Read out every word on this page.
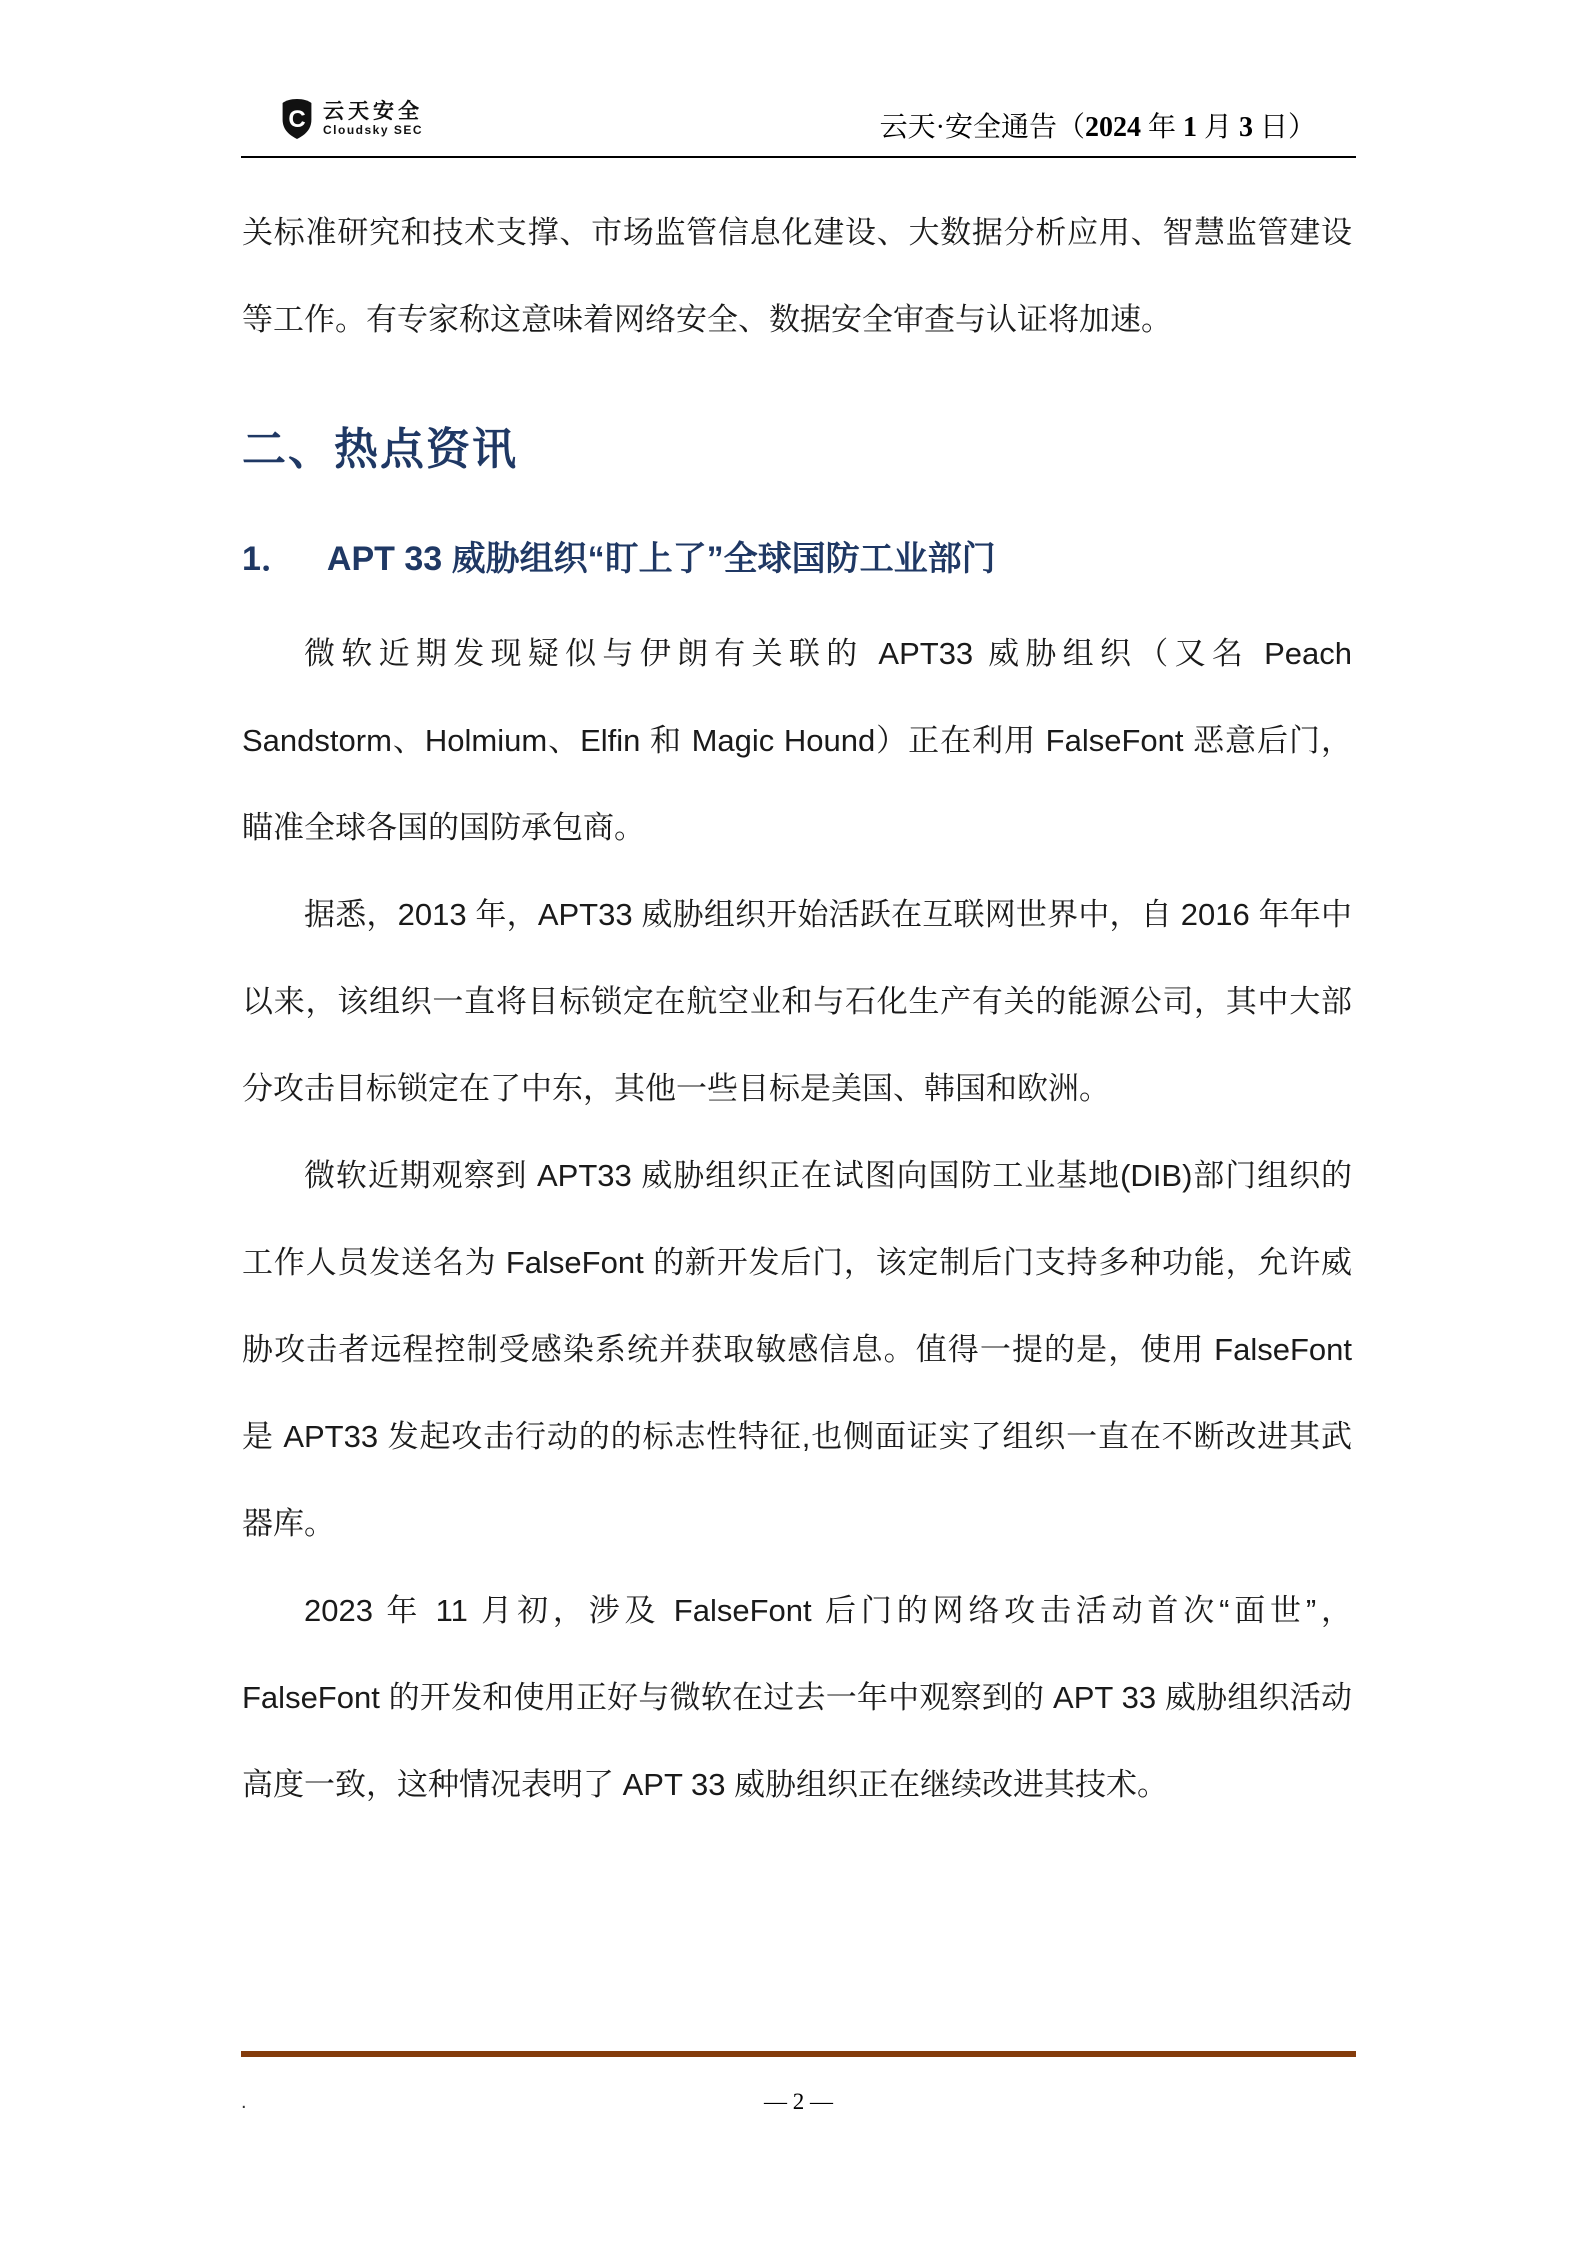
C 云天安全
Cloudsky SEC	云天·安全通告（2024 年 1 月 3 日）

关标准研究和技术支撑、市场监管信息化建设、大数据分析应用、智慧监管建设等工作。有专家称这意味着网络安全、数据安全审查与认证将加速。

二、热点资讯
1． APT 33 威胁组织“盯上了”全球国防工业部门

微软近期发现疑似与伊朗有关联的 APT33 威胁组织（又名 Peach Sandstorm、Holmium、Elfin 和 Magic Hound）正在利用 FalseFont 恶意后门，瞄准全球各国的国防承包商。

据悉，2013 年，APT33 威胁组织开始活跃在互联网世界中，自 2016 年年中以来，该组织一直将目标锁定在航空业和与石化生产有关的能源公司，其中大部分攻击目标锁定在了中东，其他一些目标是美国、韩国和欧洲。

微软近期观察到 APT33 威胁组织正在试图向国防工业基地(DIB)部门组织的工作人员发送名为 FalseFont 的新开发后门，该定制后门支持多种功能，允许威胁攻击者远程控制受感染系统并获取敏感信息。值得一提的是，使用 FalseFont 是 APT33 发起攻击行动的的标志性特征,也侧面证实了组织一直在不断改进其武器库。

2023 年 11 月初，涉及 FalseFont 后门的网络攻击活动首次“面世”，FalseFont 的开发和使用正好与微软在过去一年中观察到的 APT 33 威胁组织活动高度一致，这种情况表明了 APT 33 威胁组织正在继续改进其技术。

.	— 2 —
